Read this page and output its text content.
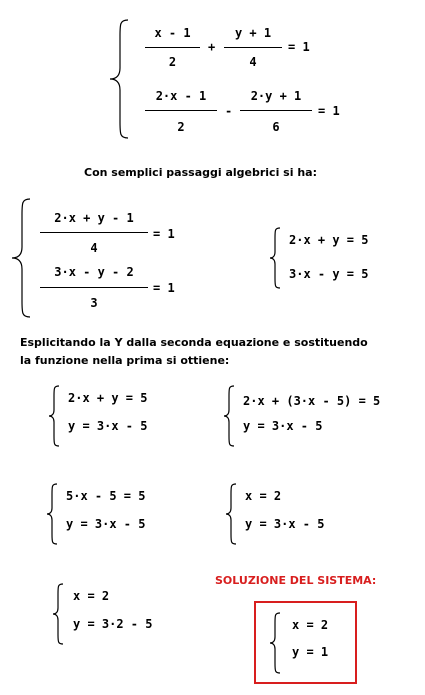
x - 1
2
+
y + 1
4
= 1
2·x - 1
2
-
2·y + 1
6
= 1
Con semplici passaggi algebrici si ha:
2·x + y - 1
4
= 1
3·x - y - 2
3
= 1
2·x + y = 5
3·x - y = 5
Esplicitando la Y dalla seconda equazione e sostituendo
la funzione nella prima si ottiene:
2·x + y = 5
y = 3·x - 5
2·x + (3·x - 5) = 5
y = 3·x - 5
5·x - 5 = 5
y = 3·x - 5
x = 2
y = 3·x - 5
x = 2
y = 3·2 - 5
SOLUZIONE DEL SISTEMA:
x = 2
y = 1
